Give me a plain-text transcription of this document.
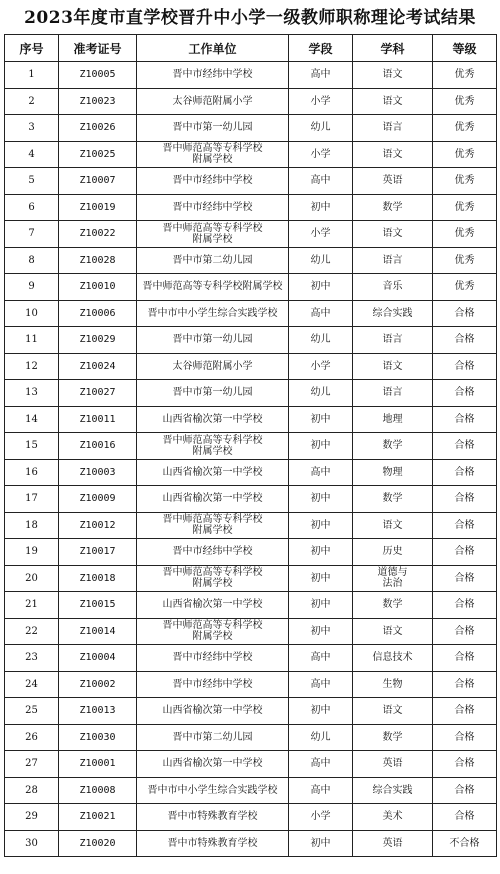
2023年度市直学校晋升中小学一级教师职称理论考试结果
序号	准考证号	工作单位	学段	学科	等级
1	Z10005	晋中市经纬中学校	高中	语文	优秀
2	Z10023	太谷师范附属小学	小学	语文	优秀
3	Z10026	晋中市第一幼儿园	幼儿	语言	优秀
4	Z10025	晋中师范高等专科学校
附属学校	小学	语文	优秀
5	Z10007	晋中市经纬中学校	高中	英语	优秀
6	Z10019	晋中市经纬中学校	初中	数学	优秀
7	Z10022	晋中师范高等专科学校
附属学校	小学	语文	优秀
8	Z10028	晋中市第二幼儿园	幼儿	语言	优秀
9	Z10010	晋中师范高等专科学校附属学校	初中	音乐	优秀
10	Z10006	晋中市中小学生综合实践学校	高中	综合实践	合格
11	Z10029	晋中市第一幼儿园	幼儿	语言	合格
12	Z10024	太谷师范附属小学	小学	语文	合格
13	Z10027	晋中市第一幼儿园	幼儿	语言	合格
14	Z10011	山西省榆次第一中学校	初中	地理	合格
15	Z10016	晋中师范高等专科学校
附属学校	初中	数学	合格
16	Z10003	山西省榆次第一中学校	高中	物理	合格
17	Z10009	山西省榆次第一中学校	初中	数学	合格
18	Z10012	晋中师范高等专科学校
附属学校	初中	语文	合格
19	Z10017	晋中市经纬中学校	初中	历史	合格
20	Z10018	晋中师范高等专科学校
附属学校	初中	道德与
法治	合格
21	Z10015	山西省榆次第一中学校	初中	数学	合格
22	Z10014	晋中师范高等专科学校
附属学校	初中	语文	合格
23	Z10004	晋中市经纬中学校	高中	信息技术	合格
24	Z10002	晋中市经纬中学校	高中	生物	合格
25	Z10013	山西省榆次第一中学校	初中	语文	合格
26	Z10030	晋中市第二幼儿园	幼儿	数学	合格
27	Z10001	山西省榆次第一中学校	高中	英语	合格
28	Z10008	晋中市中小学生综合实践学校	高中	综合实践	合格
29	Z10021	晋中市特殊教育学校	小学	美术	合格
30	Z10020	晋中市特殊教育学校	初中	英语	不合格
